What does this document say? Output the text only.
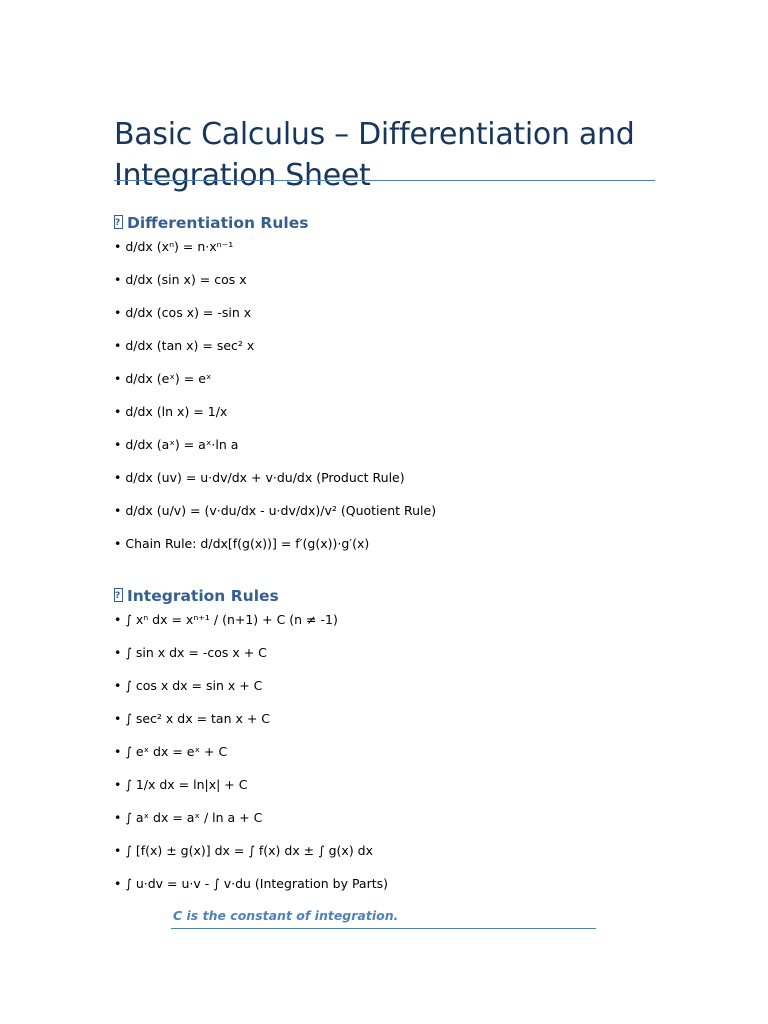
Basic Calculus – Differentiation and Integration Sheet
?Differentiation Rules
• d/dx (xⁿ) = n·xⁿ⁻¹
• d/dx (sin x) = cos x
• d/dx (cos x) = -sin x
• d/dx (tan x) = sec² x
• d/dx (eˣ) = eˣ
• d/dx (ln x) = 1/x
• d/dx (aˣ) = aˣ·ln a
• d/dx (uv) = u·dv/dx + v·du/dx (Product Rule)
• d/dx (u/v) = (v·du/dx - u·dv/dx)/v² (Quotient Rule)
• Chain Rule: d/dx[f(g(x))] = f′(g(x))·g′(x)
?Integration Rules
• ∫ xⁿ dx = xⁿ⁺¹ / (n+1) + C (n ≠ -1)
• ∫ sin x dx = -cos x + C
• ∫ cos x dx = sin x + C
• ∫ sec² x dx = tan x + C
• ∫ eˣ dx = eˣ + C
• ∫ 1/x dx = ln|x| + C
• ∫ aˣ dx = aˣ / ln a + C
• ∫ [f(x) ± g(x)] dx = ∫ f(x) dx ± ∫ g(x) dx
• ∫ u·dv = u·v - ∫ v·du (Integration by Parts)
C is the constant of integration.
